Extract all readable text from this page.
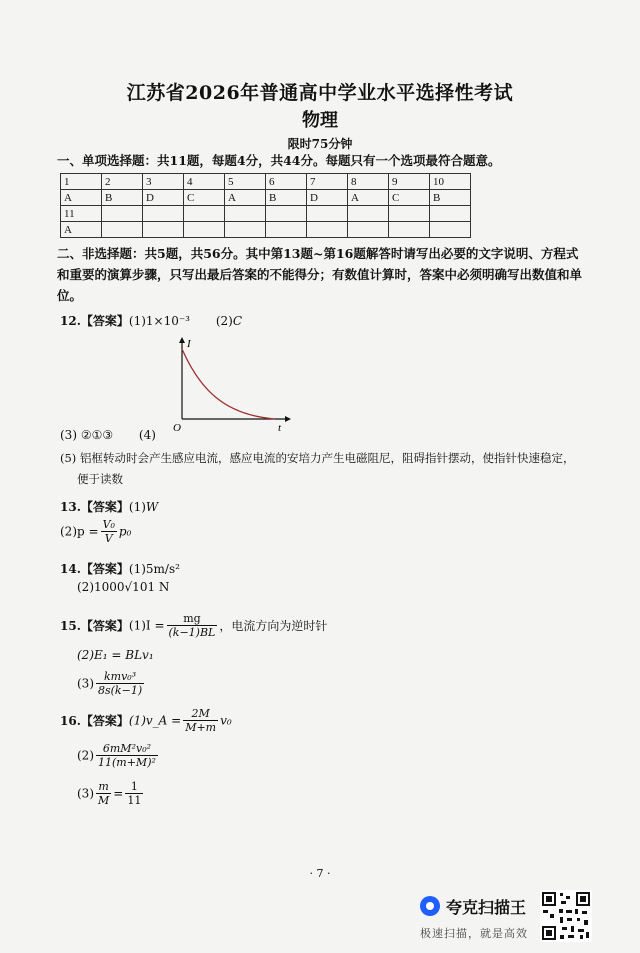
江苏省2026年普通高中学业水平选择性考试
物理
限时75分钟
一、单项选择题：共11题，每题4分，共44分。每题只有一个选项最符合题意。
1	2	3	4	5	6	7	8	9	10
A	B	D	C	A	B	D	A	C	B
11									
A									
二、非选择题：共5题，共56分。其中第13题~第16题解答时请写出必要的文字说明、方程式和重要的演算步骤，只写出最后答案的不能得分；有数值计算时，答案中必须明确写出数值和单位。
12.【答案】(1)1×10⁻³ (2)C
I
t
O
(3) ②①③ (4)
(5) 铝框转动时会产生感应电流，感应电流的安培力产生电磁阻尼，阻碍指针摆动，使指针快速稳定，
便于读数
13.【答案】(1)W
$(2)p = \frac{\text{V₀}}{V} p_0$
14.【答案】(1)5m/s²
(2)1000√101 N
15.【答案】$(1)I = \frac{mg}{(k-1)BL}$ ，电流方向为逆时针
(2)E₁ = BLv₁
$(3) \frac{\text{kmv₀³}}{8s(k-1)}$
16.【答案】(1)v_A = $\frac{2M}{M+m} v_0$
$(2) \frac{\text{6mM²v₀²}}{\text{11(m+M)²}}$
$(3) \frac{m}{M} = \frac{1}{11}$
· 7 ·
夸克扫描王
极速扫描，就是高效
